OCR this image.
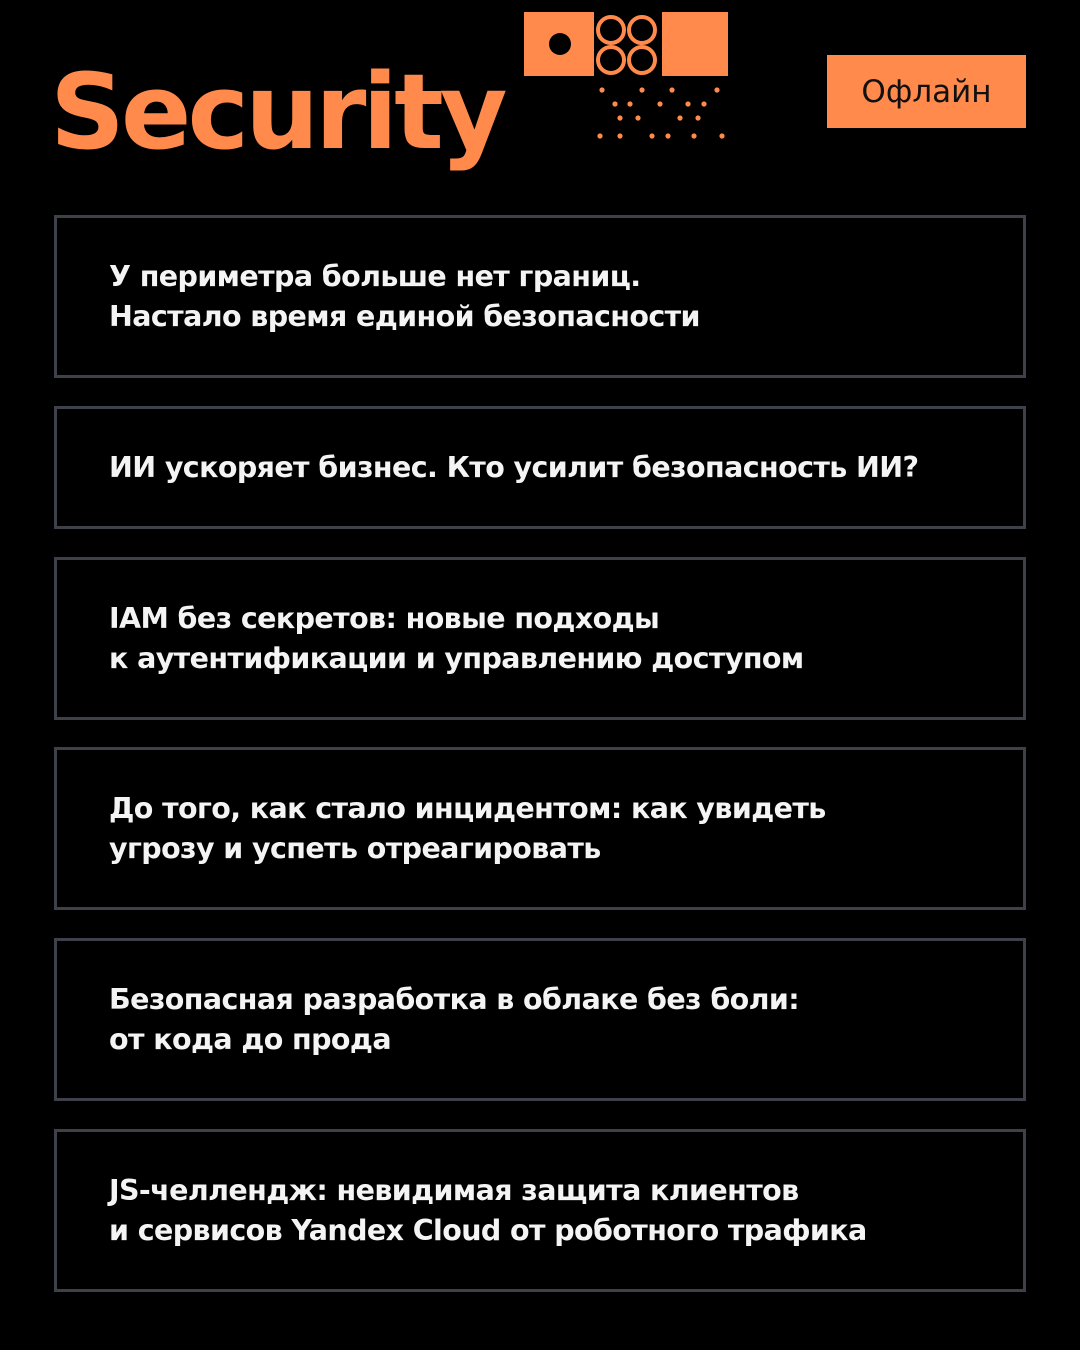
Security	Офлайн

У периметра больше нет границ.
Настало время единой безопасности

ИИ ускоряет бизнес. Кто усилит безопасность ИИ?

IAM без секретов: новые подходы
к аутентификации и управлению доступом

До того, как стало инцидентом: как увидеть
угрозу и успеть отреагировать

Безопасная разработка в облаке без боли:
от кода до прода

JS-челлендж: невидимая защита клиентов
и сервисов Yandex Cloud от роботного трафика
